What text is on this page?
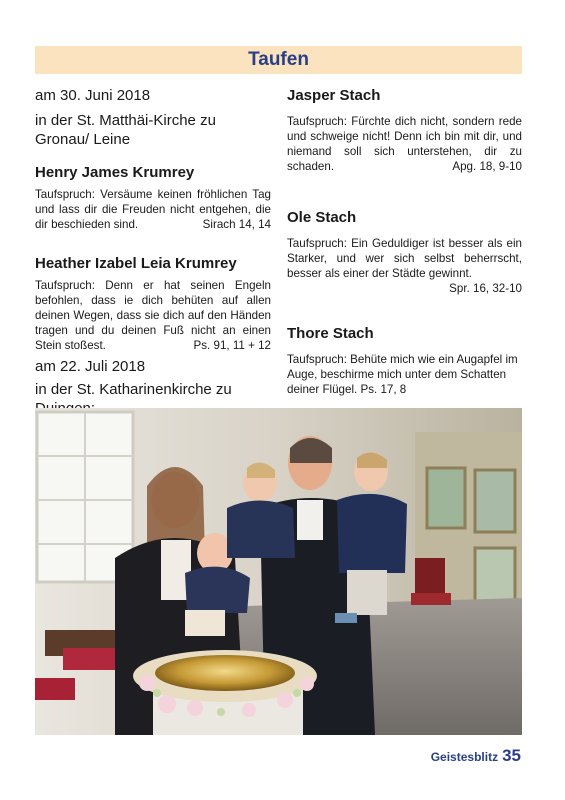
Taufen

am 30. Juni 2018

in der St. Matthäi-Kirche zu Gronau/ Leine

Henry James Krumrey

Taufspruch: Versäume keinen fröhlichen Tag und lass dir die Freuden nicht entgehen, die dir beschieden sind.	Sirach 14, 14

Heather Izabel Leia Krumrey

Taufspruch: Denn er hat seinen Engeln befohlen, dass ie dich behüten auf allen deinen Wegen, dass sie dich auf den Händen tragen und du deinen Fuß nicht an einen Stein stoßest.	Ps. 91, 11 + 12

am 22. Juli 2018

in der St. Katharinenkirche zu

Jasper Stach

Taufspruch: Fürchte dich nicht, sondern rede und schweige nicht! Denn ich bin mit dir, und niemand soll sich unterstehen, dir zu schaden.	Apg. 18, 9-10

Ole Stach

Taufspruch: Ein Geduldiger ist besser als ein Starker, und wer sich selbst beherrscht, besser als einer der Städte gewinnt.
Spr. 16, 32-10

Thore Stach

Taufspruch: Behüte mich wie ein Augapfel im Auge, beschirme mich unter dem Schatten deiner Flügel. Ps. 17, 8

Geistesblitz 35
